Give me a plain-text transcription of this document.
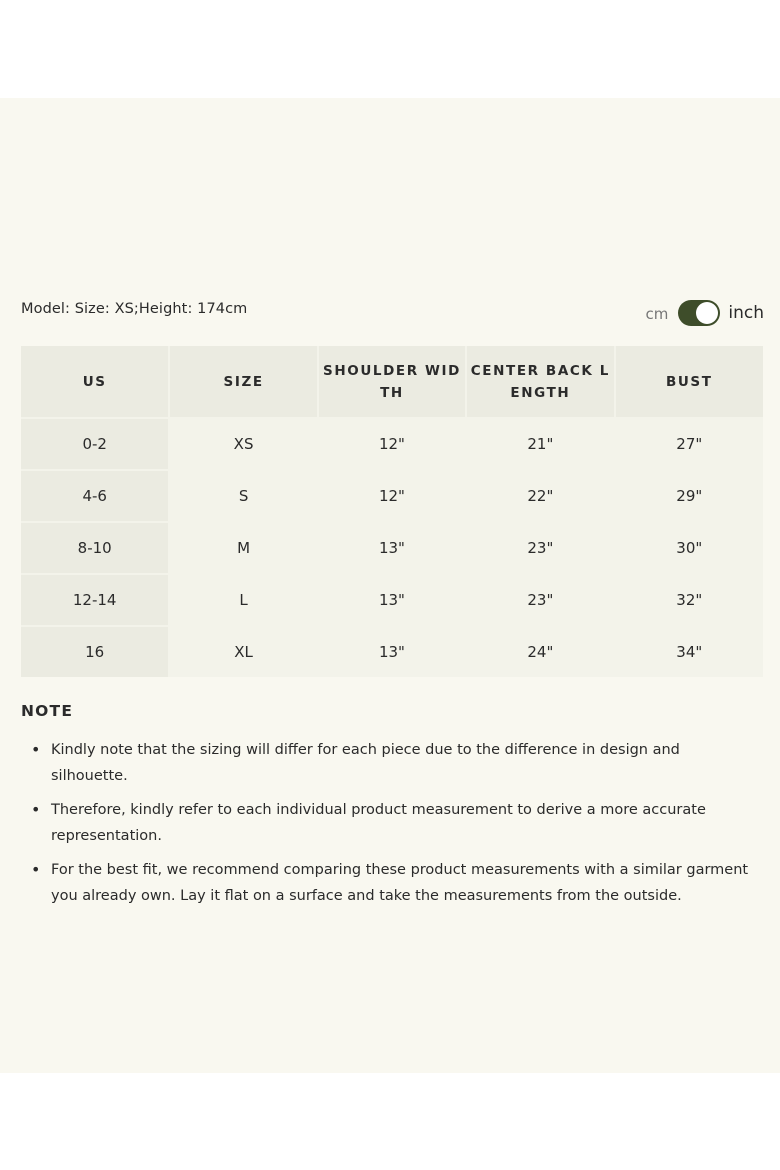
Model: Size: XS;Height: 174cm	cm	inch
US	SIZE	SHOULDER WIDTH	CENTER BACK LENGTH	BUST
0-2	XS	12"	21"	27"
4-6	S	12"	22"	29"
8-10	M	13"	23"	30"
12-14	L	13"	23"	32"
16	XL	13"	24"	34"
NOTE
• Kindly note that the sizing will differ for each piece due to the difference in design and silhouette.
• Therefore, kindly refer to each individual product measurement to derive a more accurate representation.
• For the best fit, we recommend comparing these product measurements with a similar garment you already own. Lay it flat on a surface and take the measurements from the outside.
